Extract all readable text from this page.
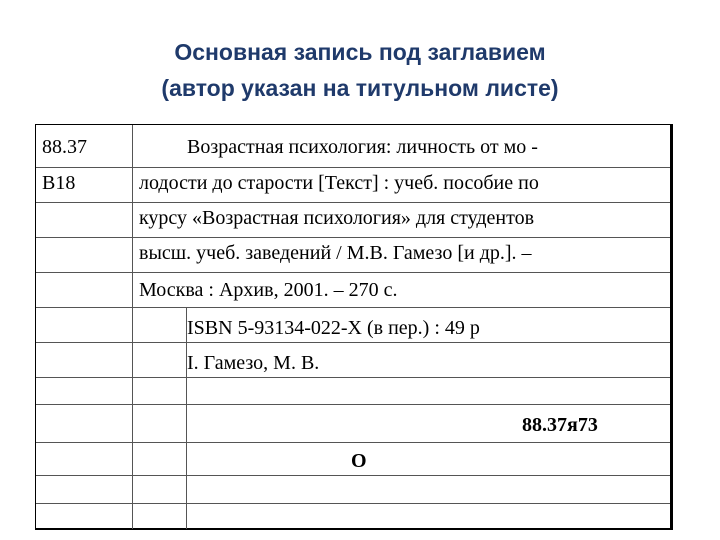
Основная запись под заглавием
(автор указан на титульном листе)
88.37
В18
Возрастная психология: личность от мо -
лодости до старости [Текст] : учеб. пособие по
курсу «Возрастная психология» для студентов
высш. учеб. заведений / М.В. Гамезо [и др.]. –
Москва : Архив, 2001. – 270 с.
ISBN 5-93134-022-X (в пер.) : 49 р
I. Гамезо, М. В.
88.37я73
О
